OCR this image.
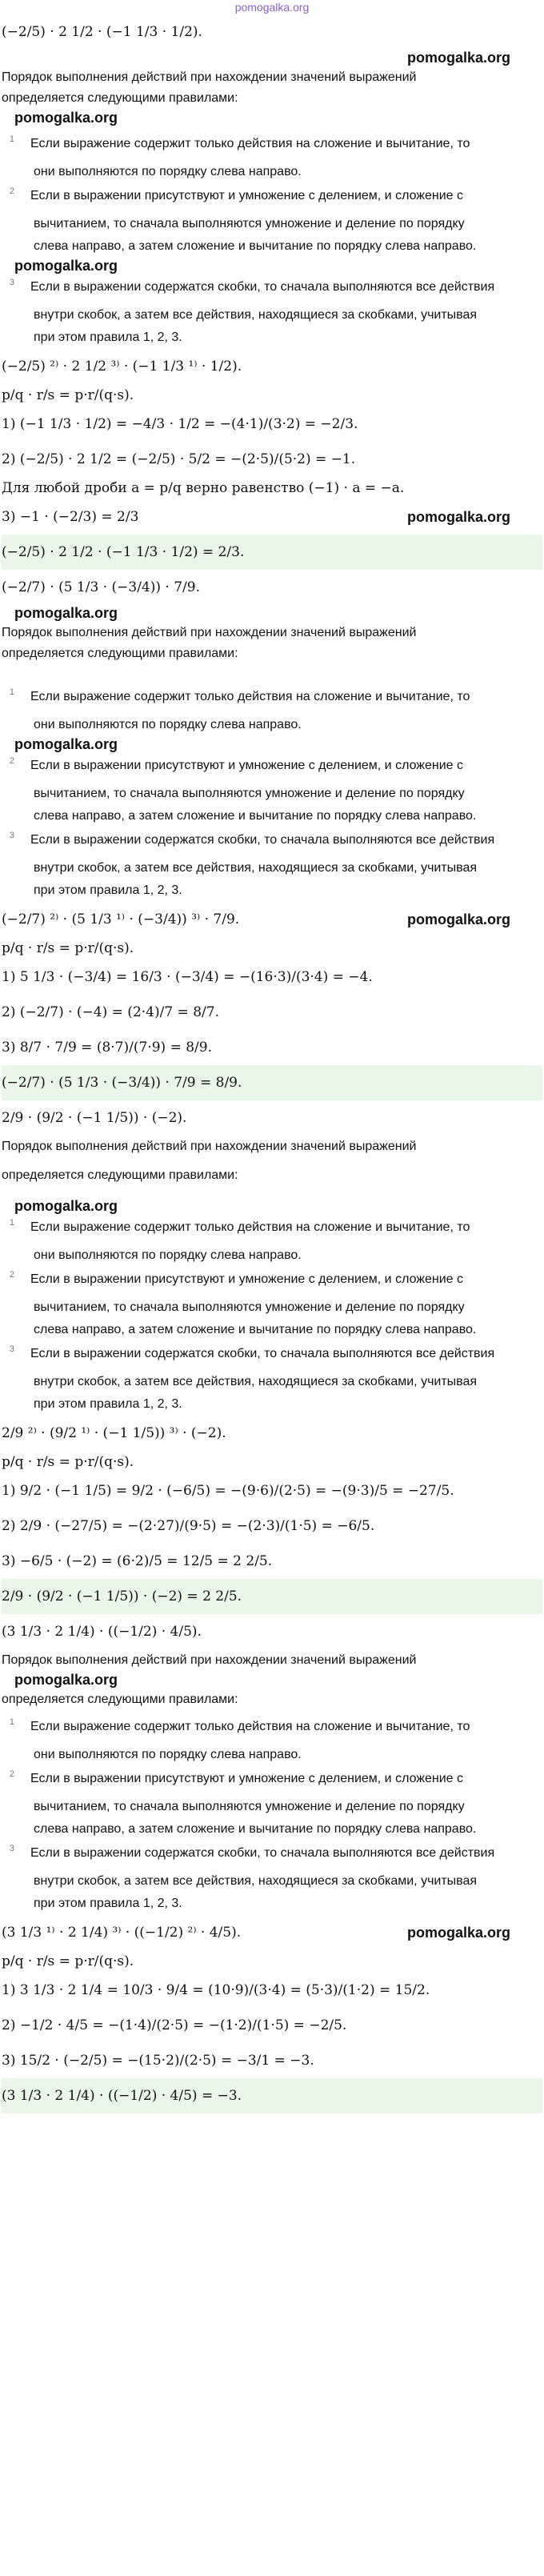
pomogalka.org
(−2/5) · 2 1/2 · (−1 1/3 · 1/2).
pomogalka.org
Порядок выполнения действий при нахождении значений выражений
определяется следующими правилами:
pomogalka.org
1	Если выражение содержит только действия на сложение и вычитание, то
они выполняются по порядку слева направо.
2	Если в выражении присутствуют и умножение с делением, и сложение с
вычитанием, то сначала выполняются умножение и деление по порядку
слева направо, а затем сложение и вычитание по порядку слева направо.
pomogalka.org
3	Если в выражении содержатся скобки, то сначала выполняются все действия
внутри скобок, а затем все действия, находящиеся за скобками, учитывая
при этом правила 1, 2, 3.
(−2/5) ²⁾ · 2 1/2 ³⁾ · (−1 1/3 ¹⁾ · 1/2).
p/q · r/s = p·r/(q·s).
1) (−1 1/3 · 1/2) = −4/3 · 1/2 = −(4·1)/(3·2) = −2/3.
2) (−2/5) · 2 1/2 = (−2/5) · 5/2 = −(2·5)/(5·2) = −1.
Для любой дроби a = p/q верно равенство (−1) · a = −a.
3) −1 · (−2/3) = 2/3	pomogalka.org
(−2/5) · 2 1/2 · (−1 1/3 · 1/2) = 2/3.
(−2/7) · (5 1/3 · (−3/4)) · 7/9.
pomogalka.org
Порядок выполнения действий при нахождении значений выражений
определяется следующими правилами:
1	Если выражение содержит только действия на сложение и вычитание, то
они выполняются по порядку слева направо.
pomogalka.org
2	Если в выражении присутствуют и умножение с делением, и сложение с
вычитанием, то сначала выполняются умножение и деление по порядку
слева направо, а затем сложение и вычитание по порядку слева направо.
3	Если в выражении содержатся скобки, то сначала выполняются все действия
внутри скобок, а затем все действия, находящиеся за скобками, учитывая
при этом правила 1, 2, 3.
(−2/7) ²⁾ · (5 1/3 ¹⁾ · (−3/4)) ³⁾ · 7/9.	pomogalka.org
p/q · r/s = p·r/(q·s).
1) 5 1/3 · (−3/4) = 16/3 · (−3/4) = −(16·3)/(3·4) = −4.
2) (−2/7) · (−4) = (2·4)/7 = 8/7.
3) 8/7 · 7/9 = (8·7)/(7·9) = 8/9.
(−2/7) · (5 1/3 · (−3/4)) · 7/9 = 8/9.
2/9 · (9/2 · (−1 1/5)) · (−2).
Порядок выполнения действий при нахождении значений выражений
определяется следующими правилами:
pomogalka.org
1	Если выражение содержит только действия на сложение и вычитание, то
они выполняются по порядку слева направо.
2	Если в выражении присутствуют и умножение с делением, и сложение с
вычитанием, то сначала выполняются умножение и деление по порядку
слева направо, а затем сложение и вычитание по порядку слева направо.
3	Если в выражении содержатся скобки, то сначала выполняются все действия
внутри скобок, а затем все действия, находящиеся за скобками, учитывая
при этом правила 1, 2, 3.
2/9 ²⁾ · (9/2 ¹⁾ · (−1 1/5)) ³⁾ · (−2).
p/q · r/s = p·r/(q·s).
1) 9/2 · (−1 1/5) = 9/2 · (−6/5) = −(9·6)/(2·5) = −(9·3)/5 = −27/5.
2) 2/9 · (−27/5) = −(2·27)/(9·5) = −(2·3)/(1·5) = −6/5.
3) −6/5 · (−2) = (6·2)/5 = 12/5 = 2 2/5.
2/9 · (9/2 · (−1 1/5)) · (−2) = 2 2/5.
(3 1/3 · 2 1/4) · ((−1/2) · 4/5).
Порядок выполнения действий при нахождении значений выражений
pomogalka.org
определяется следующими правилами:
1	Если выражение содержит только действия на сложение и вычитание, то
они выполняются по порядку слева направо.
2	Если в выражении присутствуют и умножение с делением, и сложение с
вычитанием, то сначала выполняются умножение и деление по порядку
слева направо, а затем сложение и вычитание по порядку слева направо.
3	Если в выражении содержатся скобки, то сначала выполняются все действия
внутри скобок, а затем все действия, находящиеся за скобками, учитывая
при этом правила 1, 2, 3.
(3 1/3 ¹⁾ · 2 1/4) ³⁾ · ((−1/2) ²⁾ · 4/5).	pomogalka.org
p/q · r/s = p·r/(q·s).
1) 3 1/3 · 2 1/4 = 10/3 · 9/4 = (10·9)/(3·4) = (5·3)/(1·2) = 15/2.
2) −1/2 · 4/5 = −(1·4)/(2·5) = −(1·2)/(1·5) = −2/5.
3) 15/2 · (−2/5) = −(15·2)/(2·5) = −3/1 = −3.
(3 1/3 · 2 1/4) · ((−1/2) · 4/5) = −3.
